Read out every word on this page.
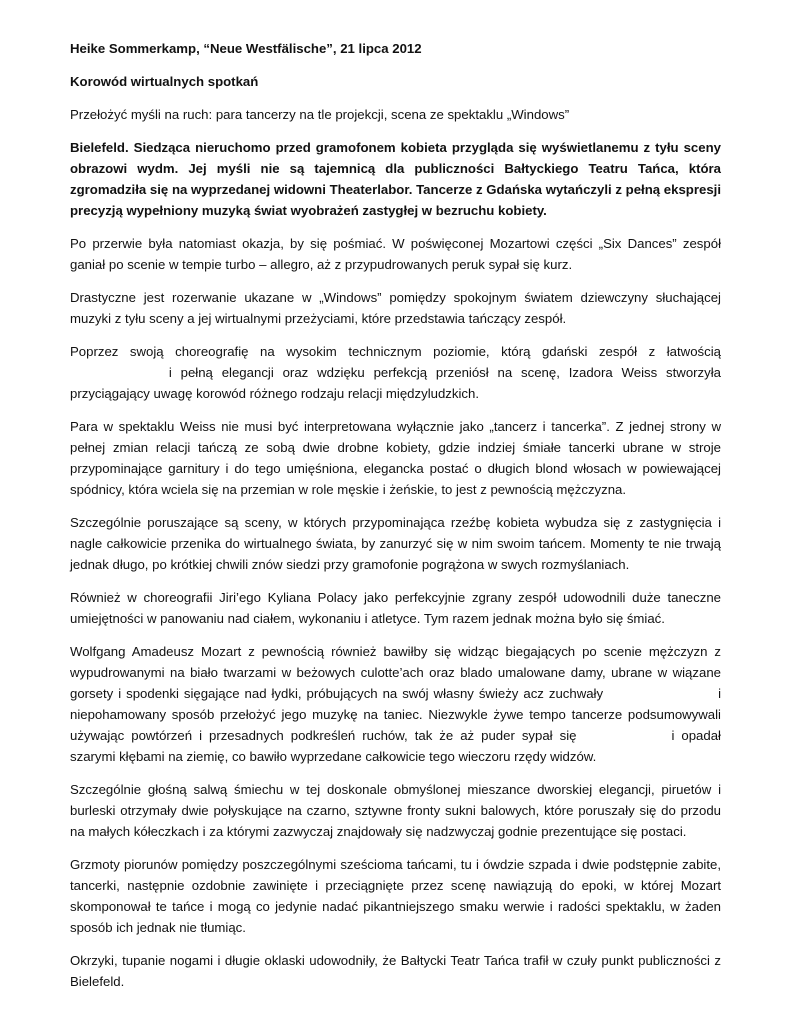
Heike Sommerkamp, “Neue Westfälische”, 21 lipca 2012

Korowód wirtualnych spotkań

Przełożyć myśli na ruch: para tancerzy na tle projekcji, scena ze spektaklu „Windows”

Bielefeld. Siedząca nieruchomo przed gramofonem kobieta przygląda się wyświetlanemu z tyłu sceny obrazowi wydm. Jej myśli nie są tajemnicą dla publiczności Bałtyckiego Teatru Tańca, która zgromadziła się na wyprzedanej widowni Theaterlabor. Tancerze z Gdańska wytańczyli z pełną ekspresji precyzją wypełniony muzyką świat wyobrażeń zastygłej w bezruchu kobiety.

Po przerwie była natomiast okazja, by się pośmiać. W poświęconej Mozartowi części „Six Dances” zespół ganiał po scenie w tempie turbo – allegro, aż z przypudrowanych peruk sypał się kurz.

Drastyczne jest rozerwanie ukazane w „Windows” pomiędzy spokojnym światem dziewczyny słuchającej muzyki z tyłu sceny a jej wirtualnymi przeżyciami, które przedstawia tańczący zespół.

Poprzez swoją choreografię na wysokim technicznym poziomie, którą gdański zespół z łatwością i pełną elegancji oraz wdzięku perfekcją przeniósł na scenę, Izadora Weiss stworzyła przyciągający uwagę korowód różnego rodzaju relacji międzyludzkich.

Para w spektaklu Weiss nie musi być interpretowana wyłącznie jako „tancerz i tancerka”. Z jednej strony w pełnej zmian relacji tańczą ze sobą dwie drobne kobiety, gdzie indziej śmiałe tancerki ubrane w stroje przypominające garnitury i do tego umięśniona, elegancka postać o długich blond włosach w powiewającej spódnicy, która wciela się na przemian w role męskie i żeńskie, to jest z pewnością mężczyzna.

Szczególnie poruszające są sceny, w których przypominająca rzeźbę kobieta wybudza się z zastygnięcia i nagle całkowicie przenika do wirtualnego świata, by zanurzyć się w nim swoim tańcem. Momenty te nie trwają jednak długo, po krótkiej chwili znów siedzi przy gramofonie pogrążona w swych rozmyślaniach.

Również w choreografii Jiri’ego Kyliana Polacy jako perfekcyjnie zgrany zespół udowodnili duże taneczne umiejętności w panowaniu nad ciałem, wykonaniu i atletyce. Tym razem jednak można było się śmiać.

Wolfgang Amadeusz Mozart z pewnością również bawiłby się widząc biegających po scenie mężczyzn z wypudrowanymi na biało twarzami w beżowych culotte’ach oraz blado umalowane damy, ubrane w wiązane gorsety i spodenki sięgające nad łydki, próbujących na swój własny świeży acz zuchwały	i niepohamowany sposób przełożyć jego muzykę na taniec. Niezwykle żywe tempo tancerze podsumowywali używając powtórzeń i przesadnych podkreśleń ruchów, tak że aż puder sypał się	i opadał szarymi kłębami na ziemię, co bawiło wyprzedane całkowicie tego wieczoru rzędy widzów.

Szczególnie głośną salwą śmiechu w tej doskonale obmyślonej mieszance dworskiej elegancji, piruetów i burleski otrzymały dwie połyskujące na czarno, sztywne fronty sukni balowych, które poruszały się do przodu na małych kółeczkach i za którymi zazwyczaj znajdowały się nadzwyczaj godnie prezentujące się postaci.

Grzmoty piorunów pomiędzy poszczególnymi sześcioma tańcami, tu i ówdzie szpada i dwie podstępnie zabite, tancerki, następnie ozdobnie zawinięte i przeciągnięte przez scenę nawiązują do epoki, w której Mozart skomponował te tańce i mogą co jedynie nadać pikantniejszego smaku werwie i radości spektaklu, w żaden sposób ich jednak nie tłumiąc.

Okrzyki, tupanie nogami i długie oklaski udowodniły, że Bałtycki Teatr Tańca trafił w czuły punkt publiczności z Bielefeld.
